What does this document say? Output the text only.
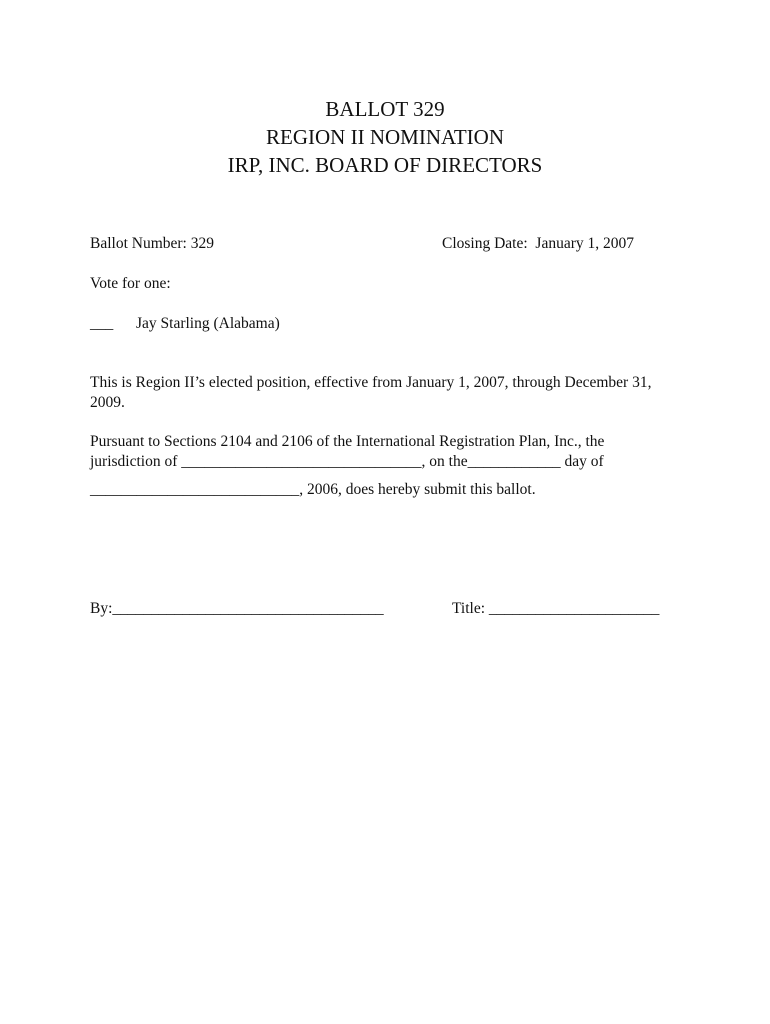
BALLOT 329
REGION II NOMINATION
IRP, INC. BOARD OF DIRECTORS
Ballot Number: 329	Closing Date:  January 1, 2007
Vote for one:
___ Jay Starling (Alabama)
This is Region II’s elected position, effective from January 1, 2007, through December 31, 2009.
Pursuant to Sections 2104 and 2106 of the International Registration Plan, Inc., the
jurisdiction of _______________________________, on the____________ day of
___________________________, 2006, does hereby submit this ballot.
By:___________________________________	Title: ______________________
